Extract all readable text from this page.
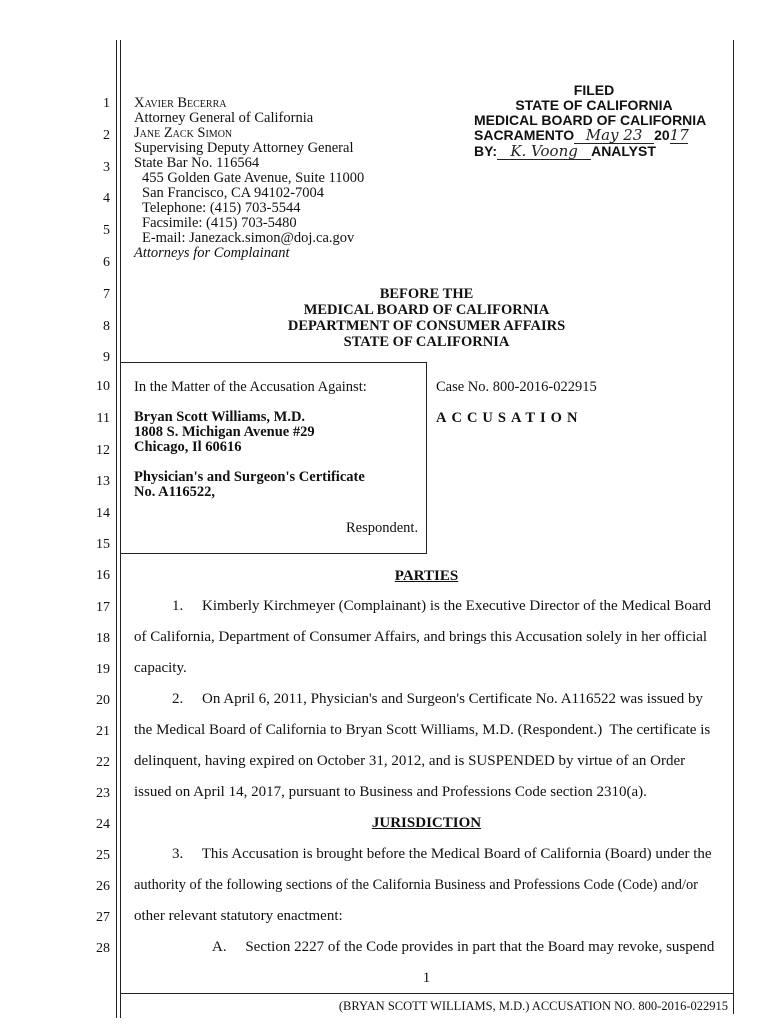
1
2
3
4
5
6
7
8
9
10
11
12
13
14
15
16
17
18
19
20
21
22
23
24
25
26
27
28
Xavier Becerra
Attorney General of California
Jane Zack Simon
Supervising Deputy Attorney General
State Bar No. 116564
455 Golden Gate Avenue, Suite 11000
San Francisco, CA 94102-7004
Telephone: (415) 703-5544
Facsimile: (415) 703-5480
E-mail: Janezack.simon@doj.ca.gov
Attorneys for Complainant
FILED
STATE OF CALIFORNIA
MEDICAL BOARD OF CALIFORNIA
SACRAMENTO May 23 2017
BY: K. Voong ANALYST
BEFORE THE
MEDICAL BOARD OF CALIFORNIA
DEPARTMENT OF CONSUMER AFFAIRS
STATE OF CALIFORNIA
In the Matter of the Accusation Against:
Bryan Scott Williams, M.D.
1808 S. Michigan Avenue #29
Chicago, Il 60616
Physician's and Surgeon's Certificate
No. A116522,
Respondent.
Case No. 800-2016-022915
ACCUSATION
PARTIES
1.     Kimberly Kirchmeyer (Complainant) is the Executive Director of the Medical Board
of California, Department of Consumer Affairs, and brings this Accusation solely in her official
capacity.
2.     On April 6, 2011, Physician's and Surgeon's Certificate No. A116522 was issued by
the Medical Board of California to Bryan Scott Williams, M.D. (Respondent.)  The certificate is
delinquent, having expired on October 31, 2012, and is SUSPENDED by virtue of an Order
issued on April 14, 2017, pursuant to Business and Professions Code section 2310(a).
JURISDICTION
3.     This Accusation is brought before the Medical Board of California (Board) under the
authority of the following sections of the California Business and Professions Code (Code) and/or
other relevant statutory enactment:
A.     Section 2227 of the Code provides in part that the Board may revoke, suspend
1
(BRYAN SCOTT WILLIAMS, M.D.) ACCUSATION NO. 800-2016-022915
